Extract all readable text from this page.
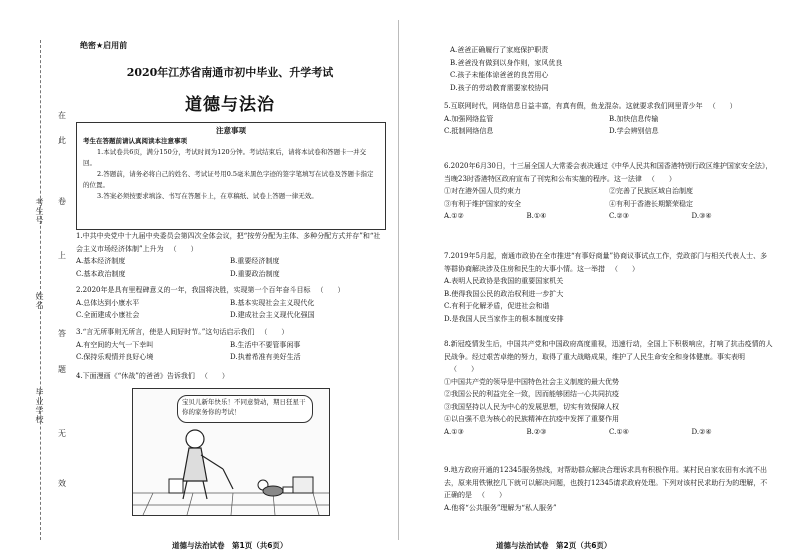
考生号
姓名
毕业学校
在
此
卷
上
答
题
无
效
绝密★启用前
2020年江苏省南通市初中毕业、升学考试
道德与法治
注意事项
考生在答题前请认真阅读本注意事项

1.本试卷共6页，满分150分，考试时间为120分钟。考试结束后，请将本试卷和答题卡一并交回。

2.答题前，请务必将自己的姓名、考试证号用0.5毫米黑色字迹的签字笔填写在试卷及答题卡指定的位置。

3.答案必须按要求填涂、书写在答题卡上，在草稿纸、试卷上答题一律无效。

1.中共中央党中十九届中央委员会第四次全体会议，把“按劳分配为主体、多种分配方式并存”和“社会主义市场经济体制”上升为 （　　）

A.基本经济制度	B.重要经济制度
C.基本政治制度	D.重要政治制度

2.2020年是具有里程碑意义的一年，我国将決胜，实现第一个百年奋斗目标 （　　）

A.总体达到小康水平	B.基本实现社会主义现代化
C.全面建成小康社会	D.建成社会主义现代化强国

3.“言无所事则无所言，使是人间好时节。”这句话启示我们 （　　）

A.有空间的大气一下幸叫	B.生活中不要管事闲事
C.保持乐观情并良好心境	D.执着希准有美好生活

4.下面漫画《“休战”的爸爸》告诉我们 （　　）

宝贝儿新年快乐！不同意赞动，期日狂星干你的家务你的考试！
道德与法治试卷　第1页（共6页）

A.爸爸正确履行了家庭保护职责

B.爸爸没有做到以身作则，家风优良

C.孩子未能体谅爸爸的良苦用心

D.孩子的劳动教育需要家校协同

5.互联网时代，网络信息日益丰富，有真有假，鱼龙混杂。这就要求我们网里青少年 （　　）

A.加强网络监管	B.加快信息传输
C.抵制网络信息	D.学会辨别信息

6.2020年6月30日，十三届全国人大常委会表决通过《中华人民共和国香港特别行政区维护国家安全法》，当晚23时香港特区政府宣布了刊宪和公布实施的程序。这一法律 （　　）

①对在港外国人员约束力	②完善了民族区域自治制度
③有利于维护国家的安全	④有利于香港长期繁荣稳定
A.①②	B.①④	C.②③	D.③④

7.2019年5月起，南通市政协在全市推进“有事好商量”协商议事试点工作，党政部门与相关代表人士、多等群协商解决涉及住房和民生的大事小情。这一举措 （　　）

A.表明人民政协是我国的重要国家机关

B.使得我国公民的政治权利进一步扩大

C.有利于化解矛盾，促进社会和谐

D.是我国人民当家作主的根本制度安排

8.新冠疫情发生后，中国共产党和中国政府高度重视，迅速行动，全国上下积极响应，打响了抗击疫情的人民战争。经过艰苦卓绝的努力，取得了重大战略成果，维护了人民生命安全和身体健康。事实表明（　　）

①中国共产党的领导是中国特色社会主义制度的最大优势

②我国公民的利益完全一致，因而能够团结一心共同抗疫

③我国坚持以人民为中心的发展思想，切实有效保障人权

④以自强不息为核心的民族精神在抗疫中发挥了重要作用

A.①③	B.②③	C.①④	D.②④

9.地方政府开通的12345服务热线，对帮助群众解决合理诉求具有积极作用。某村民自家农田有水流不出去，原来用铁锹挖几下就可以解决问题，也拨打12345请求政府处理。下列对该村民求助行为的理解，不正确的是 （　　）

A.他将“公共服务”理解为“私人服务”

道德与法治试卷　第2页（共6页）
